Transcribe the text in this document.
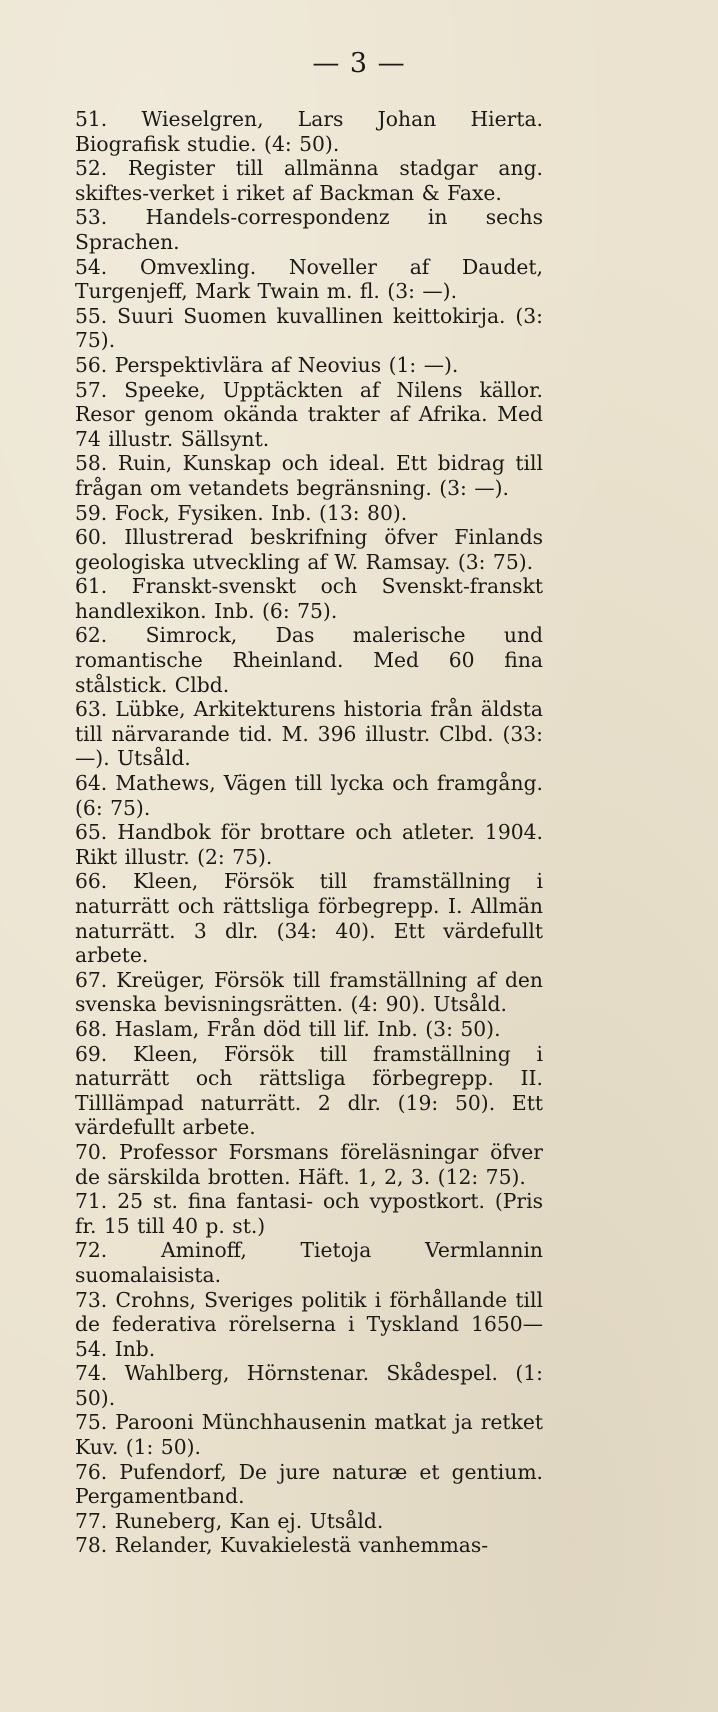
— 3 —

51. Wieselgren, Lars Johan Hierta. Biografisk studie. (4: 50).

52. Register till allmänna stadgar ang. skiftes-verket i riket af Backman & Faxe.

53. Handels-correspondenz in sechs Sprachen.

54. Omvexling. Noveller af Daudet, Turgenjeff, Mark Twain m. fl. (3: —).

55. Suuri Suomen kuvallinen keittokirja. (3: 75).

56. Perspektivlära af Neovius (1: —).

57. Speeke, Upptäckten af Nilens källor. Resor genom okända trakter af Afrika. Med 74 illustr. Sällsynt.

58. Ruin, Kunskap och ideal. Ett bidrag till frågan om vetandets begränsning. (3: —).

59. Fock, Fysiken. Inb. (13: 80).

60. Illustrerad beskrifning öfver Finlands geologiska utveckling af W. Ramsay. (3: 75).

61. Franskt-svenskt och Svenskt-franskt handlexikon. Inb. (6: 75).

62. Simrock, Das malerische und romantische Rheinland. Med 60 fina stålstick. Clbd.

63. Lübke, Arkitekturens historia från äldsta till närvarande tid. M. 396 illustr. Clbd. (33: —). Utsåld.

64. Mathews, Vägen till lycka och framgång. (6: 75).

65. Handbok för brottare och atleter. 1904. Rikt illustr. (2: 75).

66. Kleen, Försök till framställning i naturrätt och rättsliga förbegrepp. I. Allmän naturrätt. 3 dlr. (34: 40). Ett värdefullt arbete.

67. Kreüger, Försök till framställning af den svenska bevisningsrätten. (4: 90). Utsåld.

68. Haslam, Från död till lif. Inb. (3: 50).

69. Kleen, Försök till framställning i naturrätt och rättsliga förbegrepp. II. Tilllämpad naturrätt. 2 dlr. (19: 50). Ett värdefullt arbete.

70. Professor Forsmans föreläsningar öfver de särskilda brotten. Häft. 1, 2, 3. (12: 75).

71. 25 st. fina fantasi- och vypostkort. (Pris fr. 15 till 40 p. st.)

72.	Aminoff, Tietoja Vermlannin suomalaisista.

73. Crohns, Sveriges politik i förhållande till de federativa rörelserna i Tyskland 1650—54. Inb.

74. Wahlberg, Hörnstenar. Skådespel. (1: 50).

75. Parooni Münchhausenin matkat ja retket Kuv. (1: 50).

76. Pufendorf, De jure naturæ et gentium. Pergamentband.

77. Runeberg, Kan ej. Utsåld.

78. Relander, Kuvakielestä vanhemmas-
